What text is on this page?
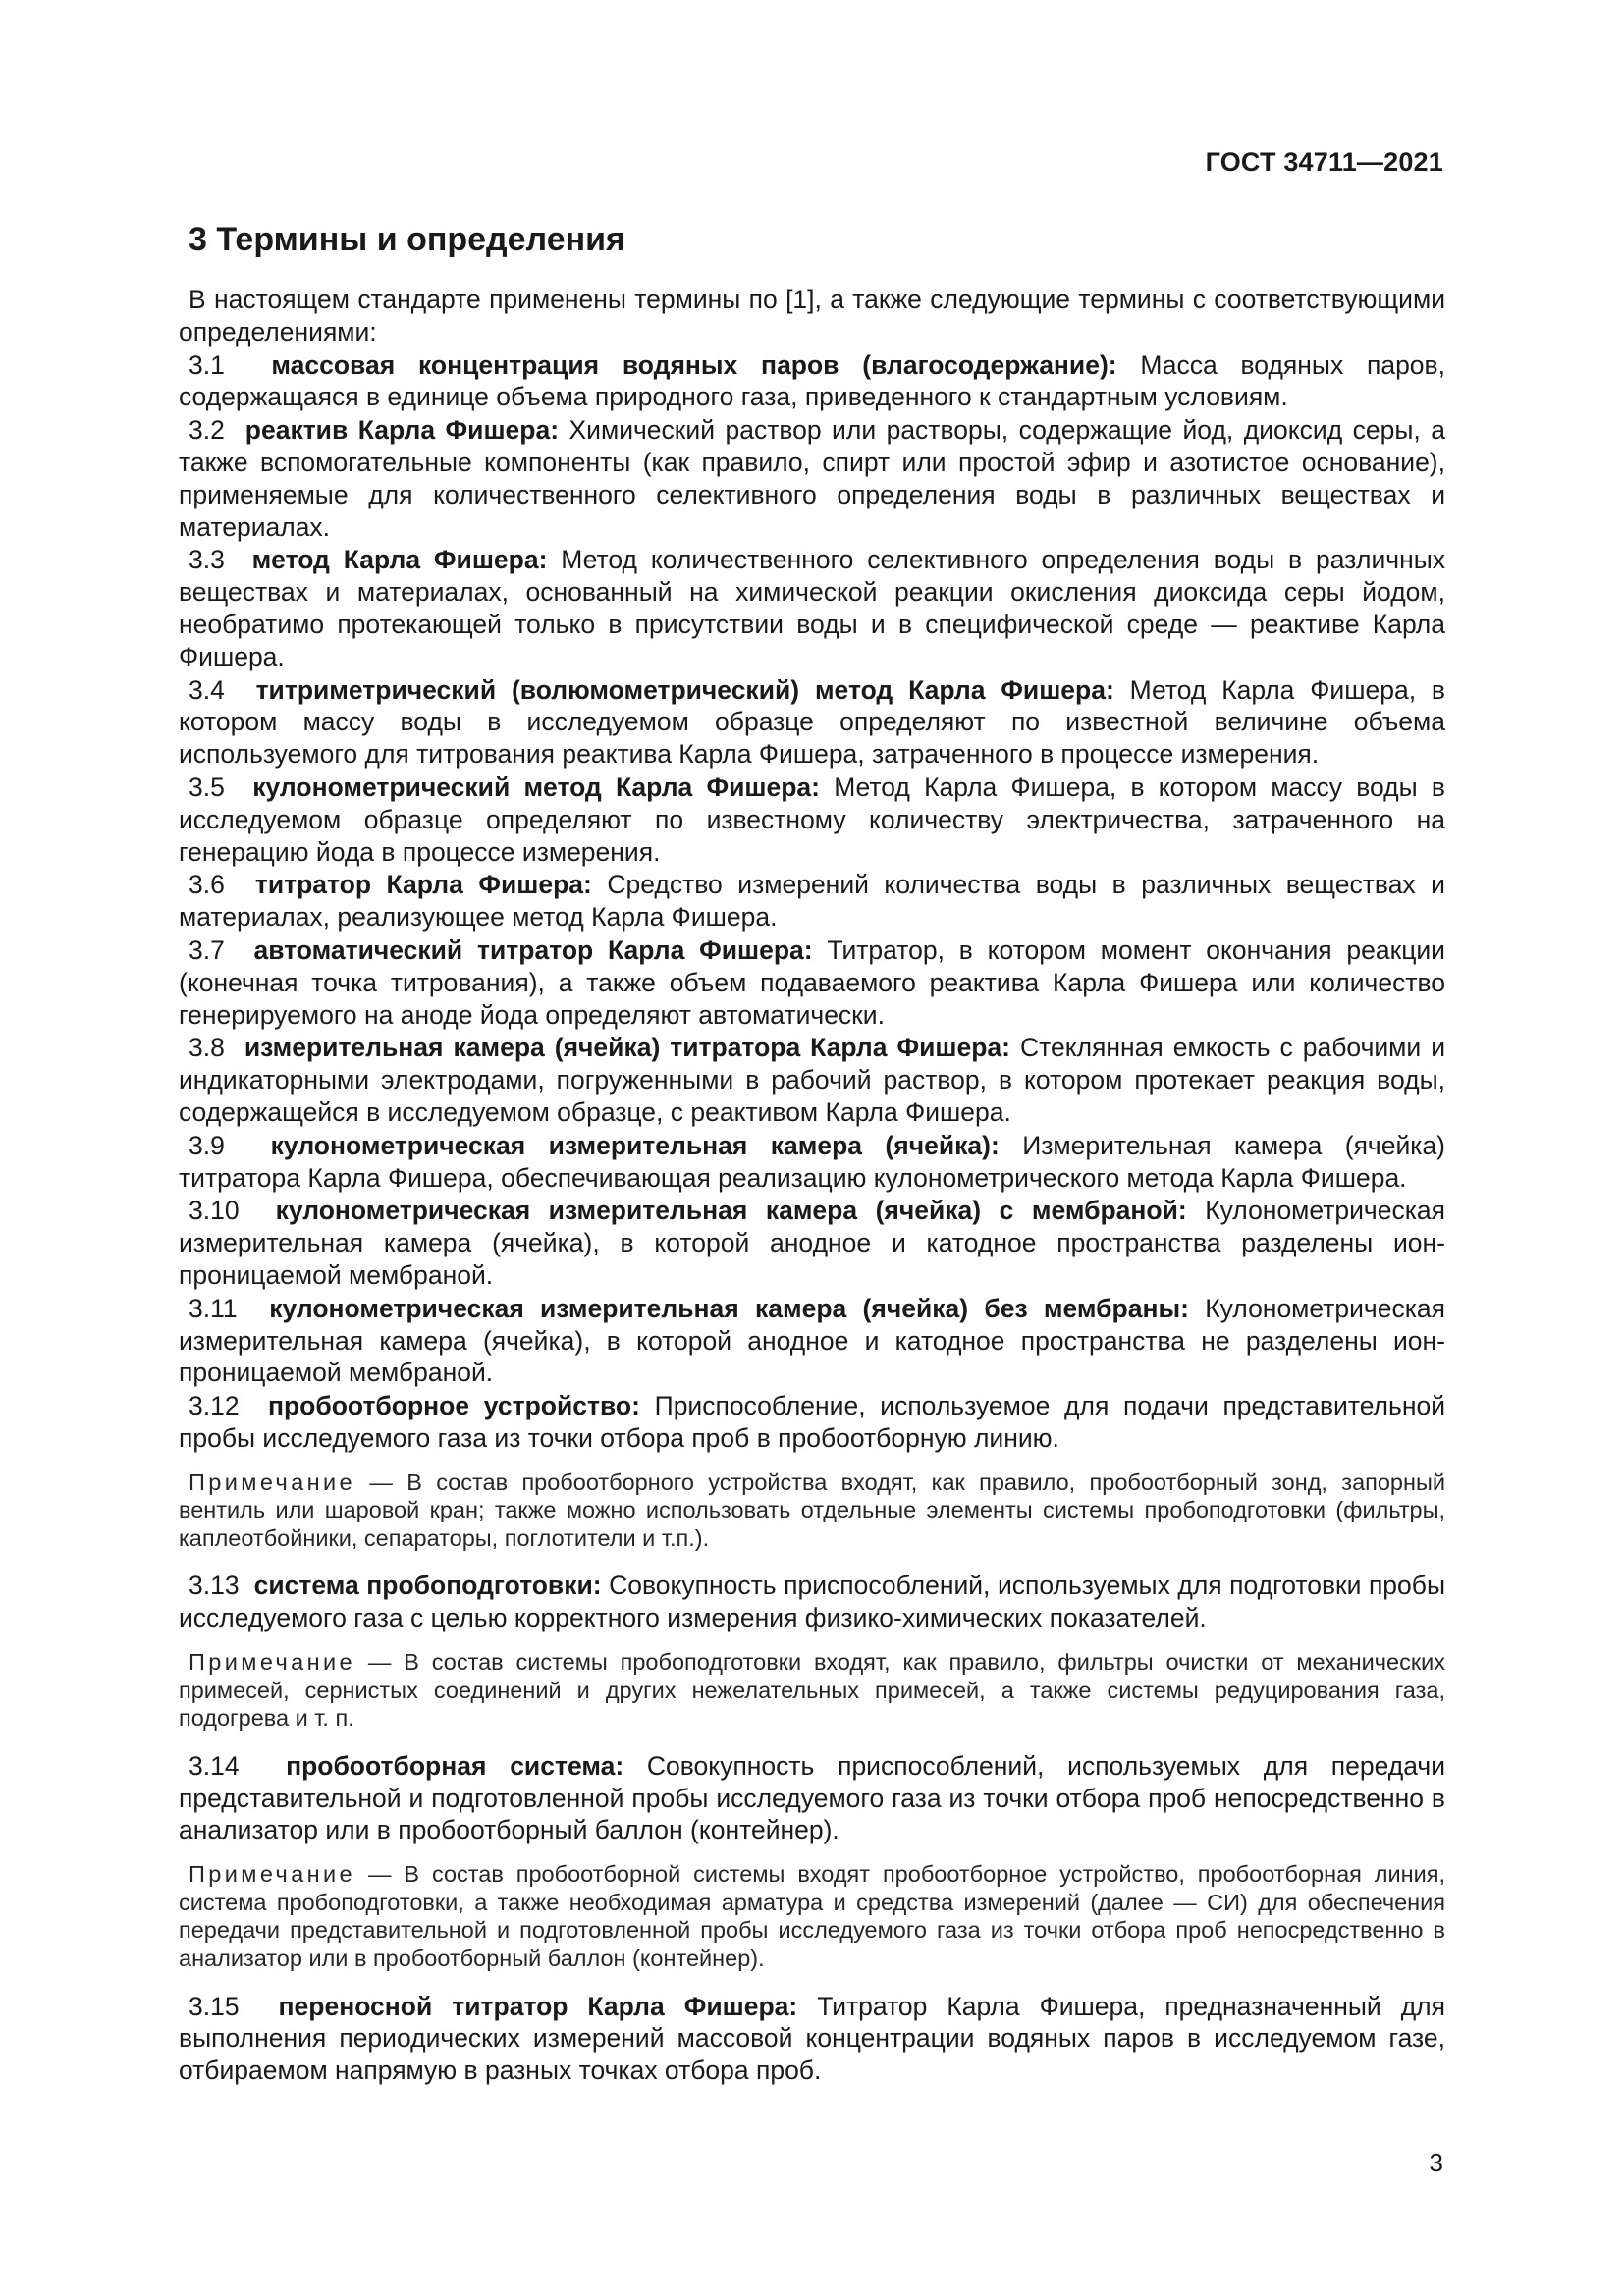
ГОСТ 34711—2021
3 Термины и определения
В настоящем стандарте применены термины по [1], а также следующие термины с соответствующими определениями:
3.1 массовая концентрация водяных паров (влагосодержание): Масса водяных паров, содержащаяся в единице объема природного газа, приведенного к стандартным условиям.
3.2 реактив Карла Фишера: Химический раствор или растворы, содержащие йод, диоксид серы, а также вспомогательные компоненты (как правило, спирт или простой эфир и азотистое основание), применяемые для количественного селективного определения воды в различных веществах и материалах.
3.3 метод Карла Фишера: Метод количественного селективного определения воды в различных веществах и материалах, основанный на химической реакции окисления диоксида серы йодом, необратимо протекающей только в присутствии воды и в специфической среде — реактиве Карла Фишера.
3.4 титриметрический (волюмометрический) метод Карла Фишера: Метод Карла Фишера, в котором массу воды в исследуемом образце определяют по известной величине объема используемого для титрования реактива Карла Фишера, затраченного в процессе измерения.
3.5 кулонометрический метод Карла Фишера: Метод Карла Фишера, в котором массу воды в исследуемом образце определяют по известному количеству электричества, затраченного на генерацию йода в процессе измерения.
3.6 титратор Карла Фишера: Средство измерений количества воды в различных веществах и материалах, реализующее метод Карла Фишера.
3.7 автоматический титратор Карла Фишера: Титратор, в котором момент окончания реакции (конечная точка титрования), а также объем подаваемого реактива Карла Фишера или количество генерируемого на аноде йода определяют автоматически.
3.8 измерительная камера (ячейка) титратора Карла Фишера: Стеклянная емкость с рабочими и индикаторными электродами, погруженными в рабочий раствор, в котором протекает реакция воды, содержащейся в исследуемом образце, с реактивом Карла Фишера.
3.9 кулонометрическая измерительная камера (ячейка): Измерительная камера (ячейка) титратора Карла Фишера, обеспечивающая реализацию кулонометрического метода Карла Фишера.
3.10 кулонометрическая измерительная камера (ячейка) с мембраной: Кулонометрическая измерительная камера (ячейка), в которой анодное и катодное пространства разделены ион-проницаемой мембраной.
3.11 кулонометрическая измерительная камера (ячейка) без мембраны: Кулонометрическая измерительная камера (ячейка), в которой анодное и катодное пространства не разделены ион-проницаемой мембраной.
3.12 пробоотборное устройство: Приспособление, используемое для подачи представительной пробы исследуемого газа из точки отбора проб в пробоотборную линию.
Примечание — В состав пробоотборного устройства входят, как правило, пробоотборный зонд, запорный вентиль или шаровой кран; также можно использовать отдельные элементы системы пробоподготовки (фильтры, каплеотбойники, сепараторы, поглотители и т.п.).
3.13 система пробоподготовки: Совокупность приспособлений, используемых для подготовки пробы исследуемого газа с целью корректного измерения физико-химических показателей.
Примечание — В состав системы пробоподготовки входят, как правило, фильтры очистки от механических примесей, сернистых соединений и других нежелательных примесей, а также системы редуцирования газа, подогрева и т. п.
3.14 пробоотборная система: Совокупность приспособлений, используемых для передачи представительной и подготовленной пробы исследуемого газа из точки отбора проб непосредственно в анализатор или в пробоотборный баллон (контейнер).
Примечание — В состав пробоотборной системы входят пробоотборное устройство, пробоотборная линия, система пробоподготовки, а также необходимая арматура и средства измерений (далее — СИ) для обеспечения передачи представительной и подготовленной пробы исследуемого газа из точки отбора проб непосредственно в анализатор или в пробоотборный баллон (контейнер).
3.15 переносной титратор Карла Фишера: Титратор Карла Фишера, предназначенный для выполнения периодических измерений массовой концентрации водяных паров в исследуемом газе, отбираемом напрямую в разных точках отбора проб.
3
